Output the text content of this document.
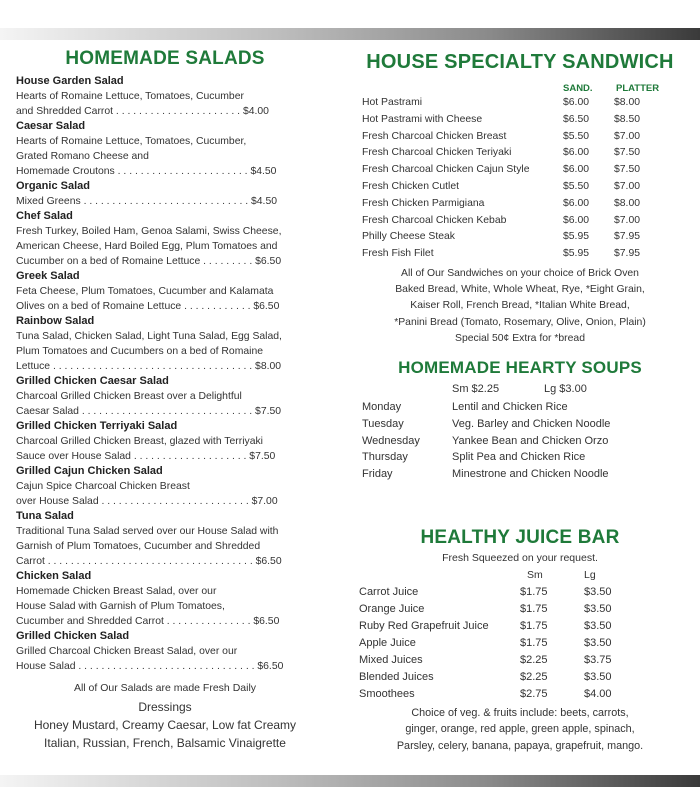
HOMEMADE SALADS
House Garden Salad
Hearts of Romaine Lettuce, Tomatoes, Cucumber
and Shredded Carrot . . . . . . . . . . . . . . . . . . . . . . $4.00
Caesar Salad
Hearts of Romaine Lettuce, Tomatoes, Cucumber,
Grated Romano Cheese and
Homemade Croutons . . . . . . . . . . . . . . . . . . . . . . . $4.50
Organic Salad
Mixed Greens . . . . . . . . . . . . . . . . . . . . . . . . . . . . . $4.50
Chef Salad
Fresh Turkey, Boiled Ham, Genoa Salami, Swiss Cheese,
American Cheese, Hard Boiled Egg, Plum Tomatoes and
Cucumber on a bed of Romaine Lettuce . . . . . . . . . $6.50
Greek Salad
Feta Cheese, Plum Tomatoes, Cucumber and Kalamata
Olives on a bed of Romaine Lettuce . . . . . . . . . . . . $6.50
Rainbow Salad
Tuna Salad, Chicken Salad, Light Tuna Salad, Egg Salad,
Plum Tomatoes and Cucumbers on a bed of Romaine
Lettuce . . . . . . . . . . . . . . . . . . . . . . . . . . . . . . . . . . . $8.00
Grilled Chicken Caesar Salad
Charcoal Grilled Chicken Breast over a Delightful
Caesar Salad . . . . . . . . . . . . . . . . . . . . . . . . . . . . . . $7.50
Grilled Chicken Terriyaki Salad
Charcoal Grilled Chicken Breast, glazed with Terriyaki
Sauce over House Salad . . . . . . . . . . . . . . . . . . . . $7.50
Grilled Cajun Chicken Salad
Cajun Spice Charcoal Chicken Breast
over House Salad . . . . . . . . . . . . . . . . . . . . . . . . . . $7.00
Tuna Salad
Traditional Tuna Salad served over our House Salad with
Garnish of Plum Tomatoes, Cucumber and Shredded
Carrot . . . . . . . . . . . . . . . . . . . . . . . . . . . . . . . . . . . . $6.50
Chicken Salad
Homemade Chicken Breast Salad, over our
House Salad with Garnish of Plum Tomatoes,
Cucumber and Shredded Carrot . . . . . . . . . . . . . . . $6.50
Grilled Chicken Salad
Grilled Charcoal Chicken Breast Salad, over our
House Salad . . . . . . . . . . . . . . . . . . . . . . . . . . . . . . . $6.50
All of Our Salads are made Fresh Daily
Dressings
Honey Mustard, Creamy Caesar, Low fat Creamy
Italian, Russian, French, Balsamic Vinaigrette
HOUSE SPECIALTY SANDWICH
SAND. PLATTER
Hot Pastrami	$6.00 $8.00
Hot Pastrami with Cheese	$6.50 $8.50
Fresh Charcoal Chicken Breast	$5.50 $7.00
Fresh Charcoal Chicken Teriyaki	$6.00 $7.50
Fresh Charcoal Chicken Cajun Style	$6.00 $7.50
Fresh Chicken Cutlet	$5.50 $7.00
Fresh Chicken Parmigiana	$6.00 $8.00
Fresh Charcoal Chicken Kebab	$6.00 $7.00
Philly Cheese Steak	$5.95 $7.95
Fresh Fish Filet	$5.95 $7.95
All of Our Sandwiches on your choice of Brick Oven
Baked Bread, White, Whole Wheat, Rye, *Eight Grain,
Kaiser Roll, French Bread, *Italian White Bread,
*Panini Bread (Tomato, Rosemary, Olive, Onion, Plain)
Special 50¢ Extra for *bread
HOMEMADE HEARTY SOUPS
Sm $2.25	Lg $3.00
Monday	Lentil and Chicken Rice
Tuesday	Veg. Barley and Chicken Noodle
Wednesday	Yankee Bean and Chicken Orzo
Thursday	Split Pea and Chicken Rice
Friday	Minestrone and Chicken Noodle
HEALTHY JUICE BAR
Fresh Squeezed on your request.
Sm	Lg
Carrot Juice	$1.75	$3.50
Orange Juice	$1.75	$3.50
Ruby Red Grapefruit Juice	$1.75	$3.50
Apple Juice	$1.75	$3.50
Mixed Juices	$2.25	$3.75
Blended Juices	$2.25	$3.50
Smoothees	$2.75	$4.00
Choice of veg. & fruits include: beets, carrots,
ginger, orange, red apple, green apple, spinach,
Parsley, celery, banana, papaya, grapefruit, mango.
